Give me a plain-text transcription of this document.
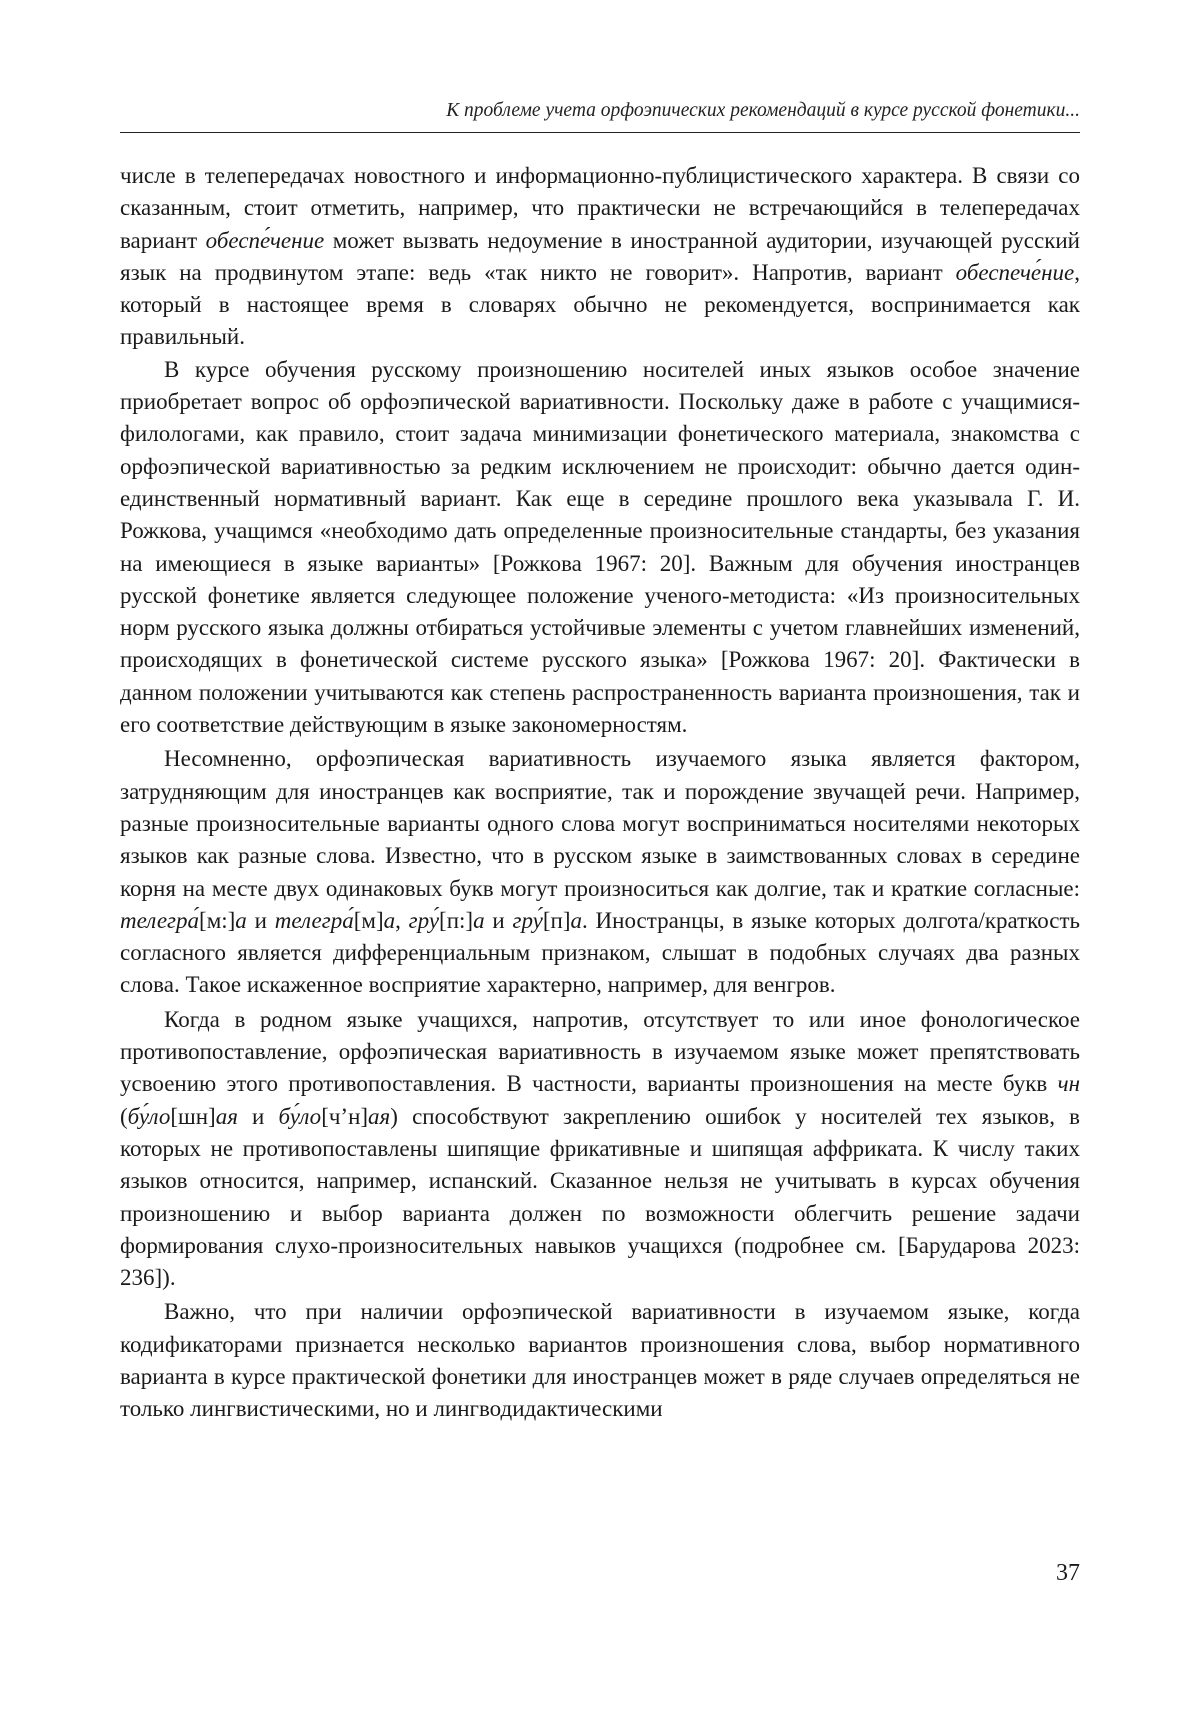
К проблеме учета орфоэпических рекомендаций в курсе русской фонетики...

числе в телепередачах новостного и информационно-публицистического характера. В связи со сказанным, стоит отметить, например, что практически не встречающийся в телепередачах вариант обеспе́чение может вызвать недоумение в иностранной аудитории, изучающей русский язык на продвинутом этапе: ведь «так никто не говорит». Напротив, вариант обеспече́ние, который в настоящее время в словарях обычно не рекомендуется, воспринимается как правильный.

В курсе обучения русскому произношению носителей иных языков особое значение приобретает вопрос об орфоэпической вариативности. Поскольку даже в работе с учащимися-филологами, как правило, стоит задача минимизации фонетического материала, знакомства с орфоэпической вариативностью за редким исключением не происходит: обычно дается один-единственный нормативный вариант. Как еще в середине прошлого века указывала Г. И. Рожкова, учащимся «необходимо дать определенные произносительные стандарты, без указания на имеющиеся в языке варианты» [Рожкова 1967: 20]. Важным для обучения иностранцев русской фонетике является следующее положение ученого-методиста: «Из произносительных норм русского языка должны отбираться устойчивые элементы с учетом главнейших изменений, происходящих в фонетической системе русского языка» [Рожкова 1967: 20]. Фактически в данном положении учитываются как степень распространенность варианта произношения, так и его соответствие действующим в языке закономерностям.

Несомненно, орфоэпическая вариативность изучаемого языка является фактором, затрудняющим для иностранцев как восприятие, так и порождение звучащей речи. Например, разные произносительные варианты одного слова могут восприниматься носителями некоторых языков как разные слова. Известно, что в русском языке в заимствованных словах в середине корня на месте двух одинаковых букв могут произноситься как долгие, так и краткие согласные: телегра́[м:]а и телегра́[м]а, гру́[п:]а и гру́[п]а. Иностранцы, в языке которых долгота/краткость согласного является дифференциальным признаком, слышат в подобных случаях два разных слова. Такое искаженное восприятие характерно, например, для венгров.

Когда в родном языке учащихся, напротив, отсутствует то или иное фонологическое противопоставление, орфоэпическая вариативность в изучаемом языке может препятствовать усвоению этого противопоставления. В частности, варианты произношения на месте букв чн (бу́ло[шн]ая и бу́ло[ч’н]ая) способствуют закреплению ошибок у носителей тех языков, в которых не противопоставлены шипящие фрикативные и шипящая аффриката. К числу таких языков относится, например, испанский. Сказанное нельзя не учитывать в курсах обучения произношению и выбор варианта должен по возможности облегчить решение задачи формирования слухо-произносительных навыков учащихся (подробнее см. [Барударова 2023: 236]).

Важно, что при наличии орфоэпической вариативности в изучаемом языке, когда кодификаторами признается несколько вариантов произношения слова, выбор нормативного варианта в курсе практической фонетики для иностранцев может в ряде случаев определяться не только лингвистическими, но и лингводидактическими

37
